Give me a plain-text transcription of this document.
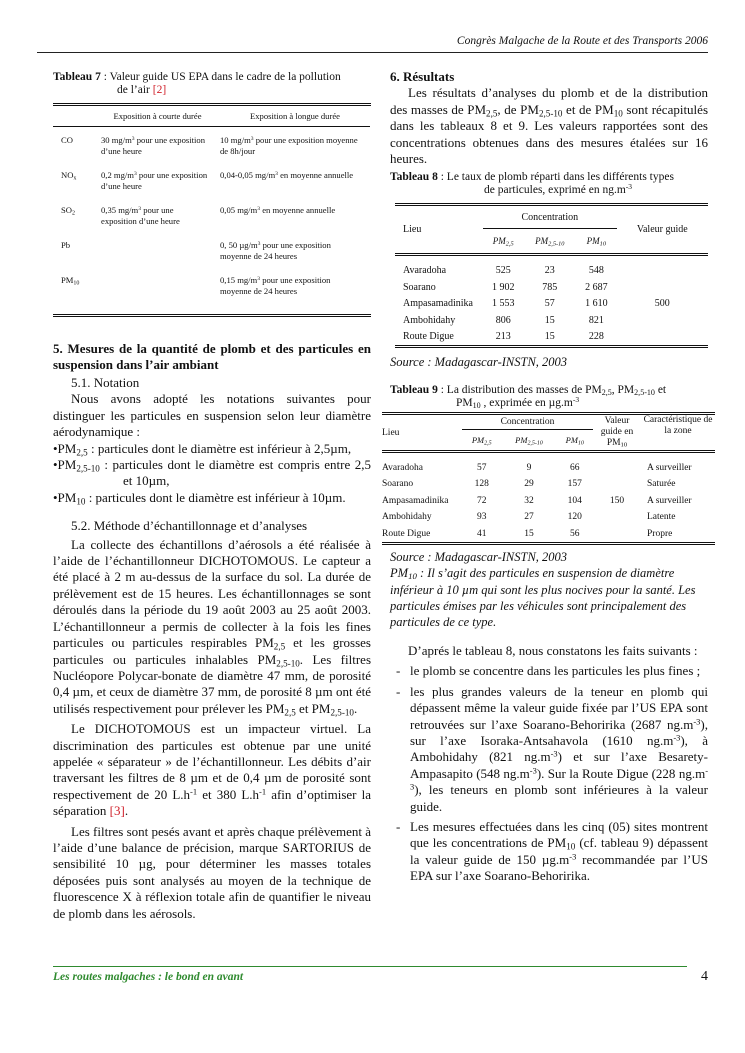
Congrès Malgache de la Route et des Transports 2006
Tableau 7 : Valeur guide US EPA dans le cadre de la pollution
de l’air [2]
	Exposition à courte durée	Exposition à longue durée

CO	30 $mg/m^3$ pour une exposition d’une heure	10 $mg/m^3$ pour une exposition moyenne de 8h/jour
$NO_x$	0,2 $mg/m^3$ pour une exposition d’une heure	0,04-0,05 $mg/m^3$ en moyenne annuelle
$SO_2$	0,35 $mg/m^3$ pour une exposition d’une heure	0,05 $mg/m^3$ en moyenne annuelle
Pb		0, 50 $\mu g/m^3$ pour une exposition moyenne de 24 heures
$PM_{10}$		0,15 $mg/m^3$ pour une exposition moyenne de 24 heures
5. Mesures de la quantité de plomb et des particules en suspension dans l’air ambiant
5.1. Notation
Nous avons adopté les notations suivantes pour distinguer les particules en suspension selon leur diamètre aérodynamique :
$•PM_{2,5}$ : particules dont le diamètre est inférieur à 2,5µm,
$•PM_{2,5-10}$ : particules dont le diamètre est compris entre 2,5 et 10µm,
$•PM_{10}$ : particules dont le diamètre est inférieur à 10µm.
5.2. Méthode d’échantillonnage et d’analyses
La collecte des échantillons d’aérosols a été réalisée à l’aide de l’échantillonneur DICHOTOMOUS. Le capteur a été placé à 2 m au-dessus de la surface du sol. La durée de prélèvement est de 15 heures. Les échantillonnages se sont déroulés dans la période du 19 août 2003 au 25 août 2003. L’échantillonneur a permis de collecter à la fois les fines particules ou particules respirables $PM_{2,5}$ et les grosses particules ou particules inhalables $PM_{2,5-10}$. Les filtres Nucléopore Polycar-bonate de diamètre 47 mm, de porosité 0,4 µm, et ceux de diamètre 37 mm, de porosité 8 µm ont été utilisés respectivement pour prélever les $PM_{2,5}$ et $PM_{2,5-10}$.
Le DICHOTOMOUS est un impacteur virtuel. La discrimination des particules est obtenue par une unité appelée « séparateur » de l’échantillonneur. Les débits d’air traversant les filtres de 8 µm et de 0,4 µm de porosité sont respectivement de 20 $L.h^{-1}$ et 380 $L.h^{-1}$ afin d’optimiser la séparation [3].
Les filtres sont pesés avant et après chaque prélèvement à l’aide d’une balance de précision, marque SARTORIUS de sensibilité 10 µg, pour déterminer les masses totales déposées puis sont analysés au moyen de la technique de fluorescence X à réflexion totale afin de quantifier le niveau de plomb dans les aérosols.
6. Résultats
Les résultats d’analyses du plomb et de la distribution des masses de $PM_{2,5}$, de $PM_{2,5-10}$ et de $PM_{10}$ sont récapitulés dans les tableaux 8 et 9. Les valeurs rapportées sont des concentrations obtenues dans des mesures étalées sur 16 heures.
Tableau 8 : Le taux de plomb réparti dans les différents types
de particules, exprimé en $ng.m^{-3}$
Lieu	Concentration			Valeur guide
	$PM_{2,5}$	$PM_{2,5-10}$	$PM_{10}$

Avaradoha	525	23	548	500
Soarano	1 902	785	2 687	
Ampasamadinika	1 553	57	1 610	
Ambohidahy	806	15	821	
Route Digue	213	15	228	
Source : Madagascar-INSTN, 2003
Tableau 9 : La distribution des masses de $PM_{2,5}$, $PM_{2,5-10}$ et
$PM_{10}$ , exprimée en $\mu g.m^{-3}$
Lieu	Concentration			Valeur guide en $PM_{10}$	Caractéristique de la zone
	$PM_{2,5}$	$PM_{2,5-10}$	$PM_{10}$

Avaradoha	57	9	66	150	A surveiller
Soarano	128	29	157		Saturée
Ampasamadinika	72	32	104		A surveiller
Ambohidahy	93	27	120		Latente
Route Digue	41	15	56		Propre
Source : Madagascar-INSTN, 2003
$PM_{10}$ : Il s’agit des particules en suspension de diamètre inférieur à 10 µm qui sont les plus nocives pour la santé. Les particules émises par les véhicules sont principalement des particules de ce type.
D’aprés le tableau 8, nous constatons les faits suivants :
- le plomb se concentre dans les particules les plus fines ;
- les plus grandes valeurs de la teneur en plomb qui dépassent même la valeur guide fixée par l’US EPA sont retrouvées sur l’axe Soarano-Behoririka (2687 $ng.m^{-3}$), sur l’axe Isoraka-Antsahavola (1610 $ng.m^{-3}$), à Ambohidahy (821 $ng.m^{-3}$) et sur l’axe Besarety-Ampasapito (548 $ng.m^{-3}$). Sur la Route Digue (228 $ng.m^{-3}$), les teneurs en plomb sont inférieures à la valeur guide.
- Les mesures effectuées dans les cinq (05) sites montrent que les concentrations de $PM_{10}$ (cf. tableau 9) dépassent la valeur guide de 150 $\mu g.m^{-3}$ recommandée par l’US EPA sur l’axe Soarano-Behoririka.
Les routes malgaches : le bond en avant	4
